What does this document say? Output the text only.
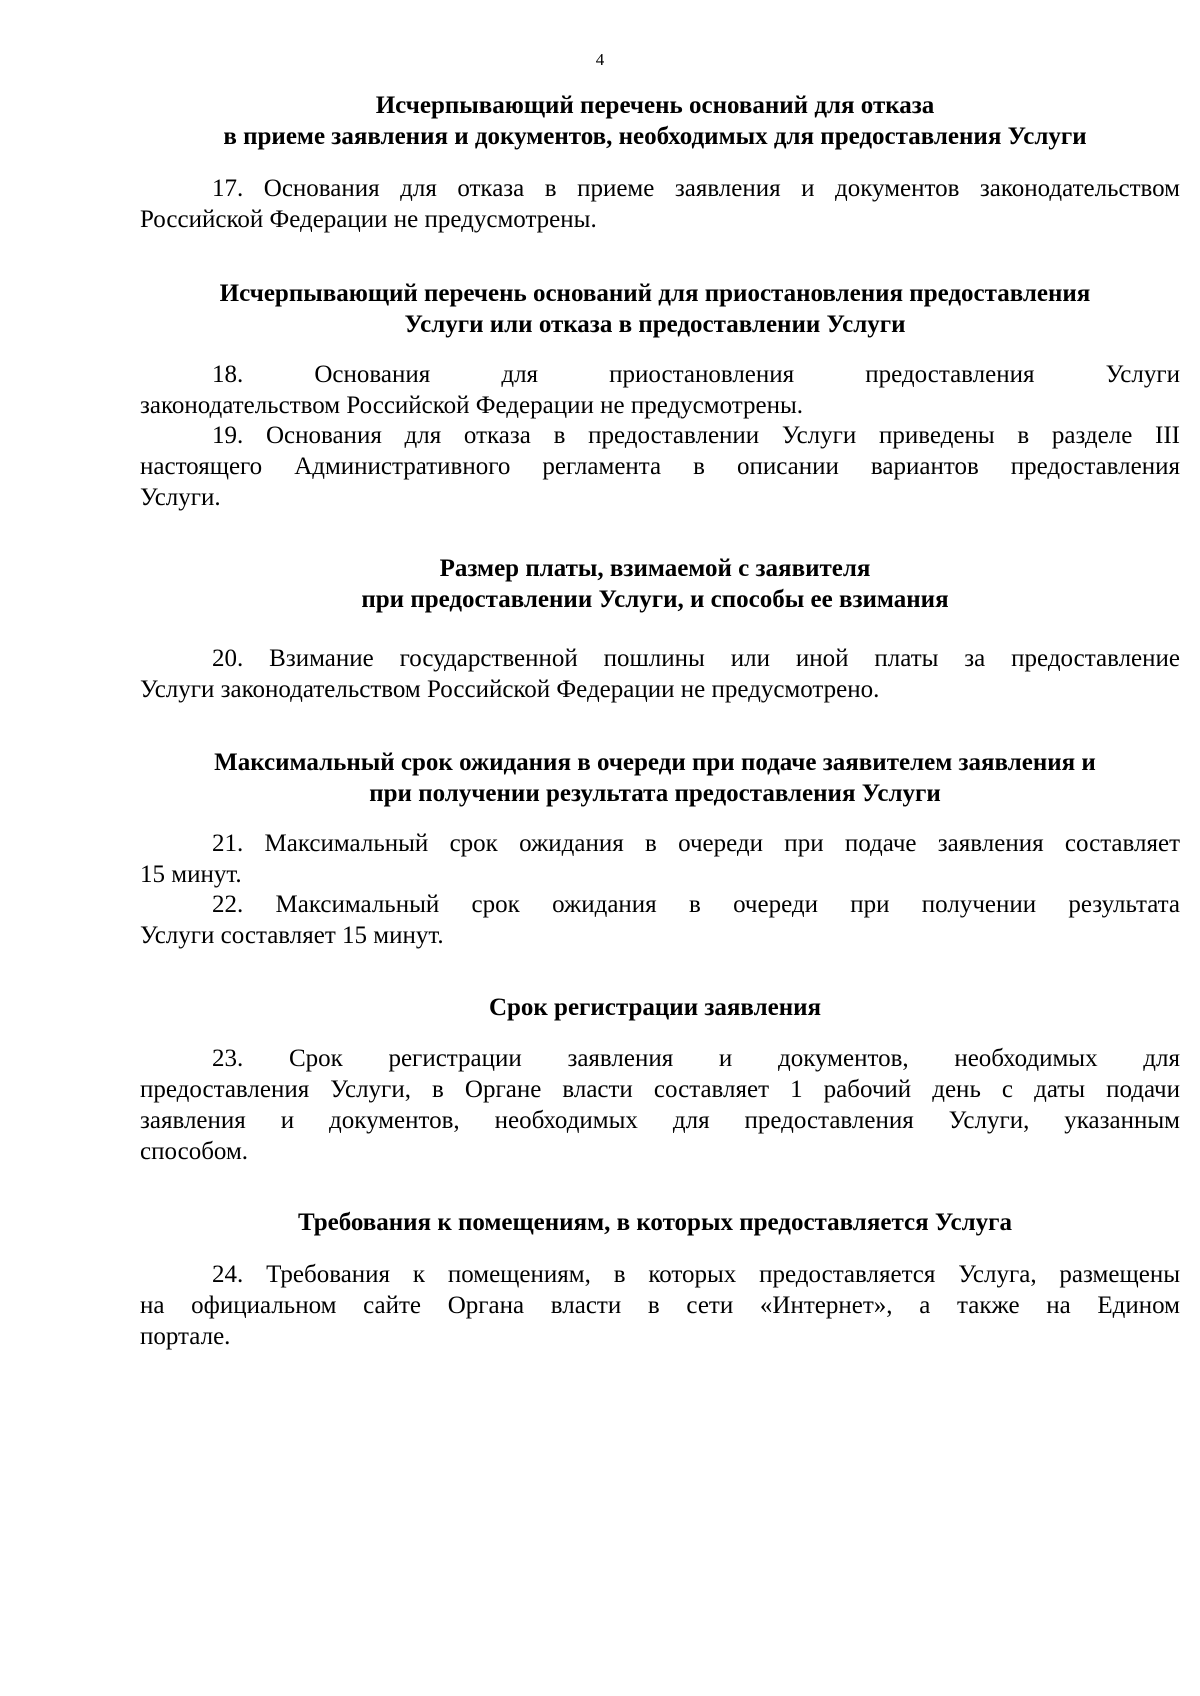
4
Исчерпывающий перечень оснований для отказа
в приеме заявления и документов, необходимых для предоставления Услуги

17. Основания для отказа в приеме заявления и документов законодательством
Российской Федерации не предусмотрены.

Исчерпывающий перечень оснований для приостановления предоставления
Услуги или отказа в предоставлении Услуги

18. Основания для приостановления предоставления Услуги
законодательством Российской Федерации не предусмотрены.

19. Основания для отказа в предоставлении Услуги приведены в разделе III
настоящего Административного регламента в описании вариантов предоставления
Услуги.

Размер платы, взимаемой с заявителя
при предоставлении Услуги, и способы ее взимания

20. Взимание государственной пошлины или иной платы за предоставление
Услуги законодательством Российской Федерации не предусмотрено.

Максимальный срок ожидания в очереди при подаче заявителем заявления и
при получении результата предоставления Услуги

21. Максимальный срок ожидания в очереди при подаче заявления составляет
15 минут.

22. Максимальный срок ожидания в очереди при получении результата
Услуги составляет 15 минут.

Срок регистрации заявления

23. Срок регистрации заявления и документов, необходимых для
предоставления Услуги, в Органе власти составляет 1 рабочий день с даты подачи
заявления и документов, необходимых для предоставления Услуги, указанным
способом.

Требования к помещениям, в которых предоставляется Услуга

24. Требования к помещениям, в которых предоставляется Услуга, размещены
на официальном сайте Органа власти в сети «Интернет», а также на Едином
портале.
